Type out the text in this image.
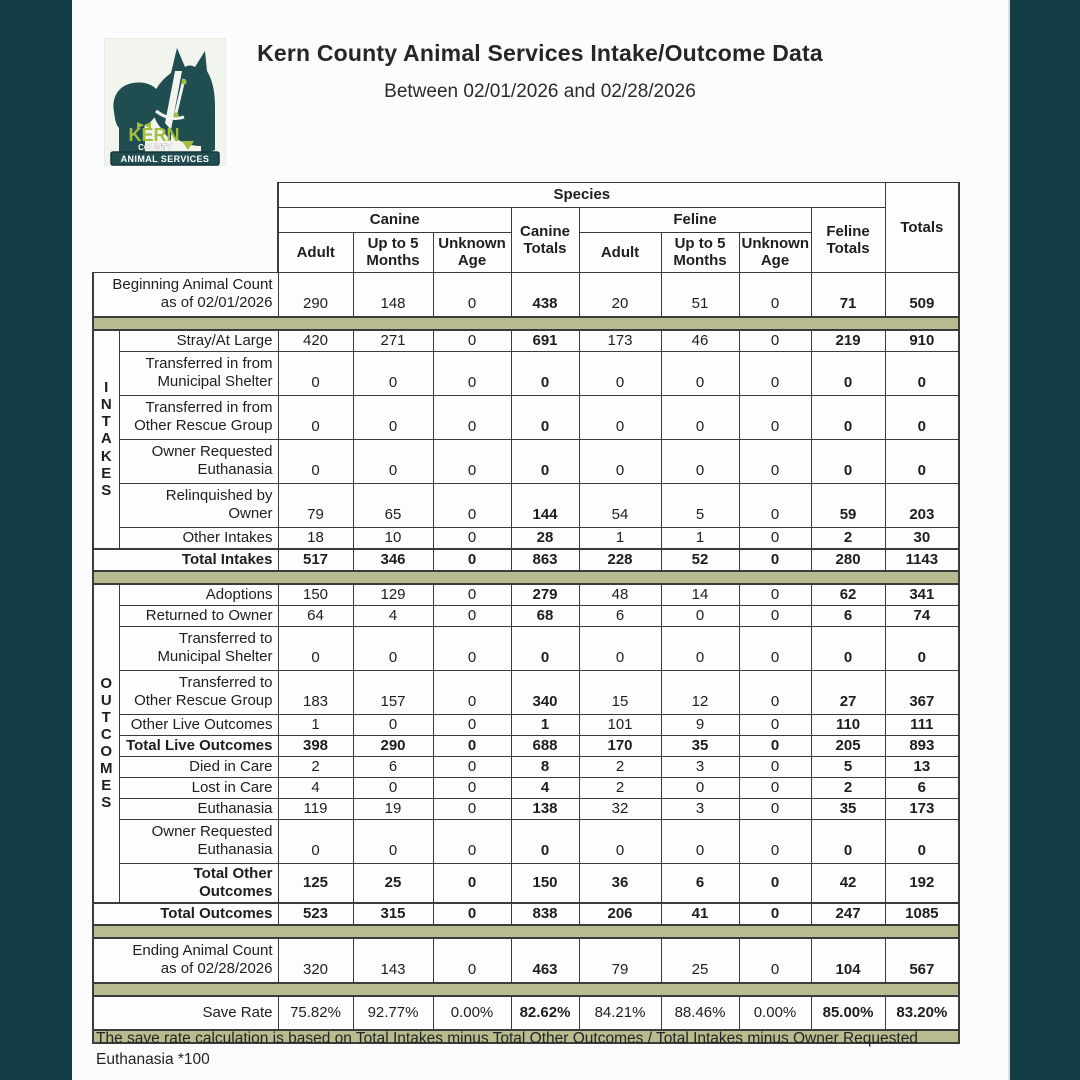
KERN
COUNTY
ANIMAL SERVICES
Kern County Animal Services Intake/Outcome Data
Between 02/01/2026 and 02/28/2026
		Species								Totals
		Canine			Canine Totals	Feline			Feline Totals	
		Adult	Up to 5 Months	Unknown Age		Adult	Up to 5 Months	Unknown Age		
Beginning Animal Count
as of 02/01/2026		290	148	0	438	20	51	0	71	509

I
N
T
A
K
E
S
	Stray/At Large	420	271	0	691	173	46	0	219	910
	Transferred in from
Municipal Shelter	0	0	0	0	0	0	0	0	0
	Transferred in from
Other Rescue Group	0	0	0	0	0	0	0	0	0
	Owner Requested
Euthanasia	0	0	0	0	0	0	0	0	0
	Relinquished by
Owner	79	65	0	144	54	5	0	59	203
	Other Intakes	18	10	0	28	1	1	0	2	30
Total Intakes		517	346	0	863	228	52	0	280	1143

O
U
T
C
O
M
E
S
	Adoptions	150	129	0	279	48	14	0	62	341
	Returned to Owner	64	4	0	68	6	0	0	6	74
	Transferred to
Municipal Shelter	0	0	0	0	0	0	0	0	0
	Transferred to
Other Rescue Group	183	157	0	340	15	12	0	27	367
	Other Live Outcomes	1	0	0	1	101	9	0	110	111
	Total Live Outcomes	398	290	0	688	170	35	0	205	893
	Died in Care	2	6	0	8	2	3	0	5	13
	Lost in Care	4	0	0	4	2	0	0	2	6
	Euthanasia	119	19	0	138	32	3	0	35	173
	Owner Requested
Euthanasia	0	0	0	0	0	0	0	0	0
	Total Other Outcomes	125	25	0	150	36	6	0	42	192
Total Outcomes		523	315	0	838	206	41	0	247	1085

Ending Animal Count
as of 02/28/2026		320	143	0	463	79	25	0	104	567

Save Rate		75.82%	92.77%	0.00%	82.62%	84.21%	88.46%	0.00%	85.00%	83.20%

The save rate calculation is based on Total Intakes minus Total Other Outcomes / Total Intakes minus Owner Requested Euthanasia *100
